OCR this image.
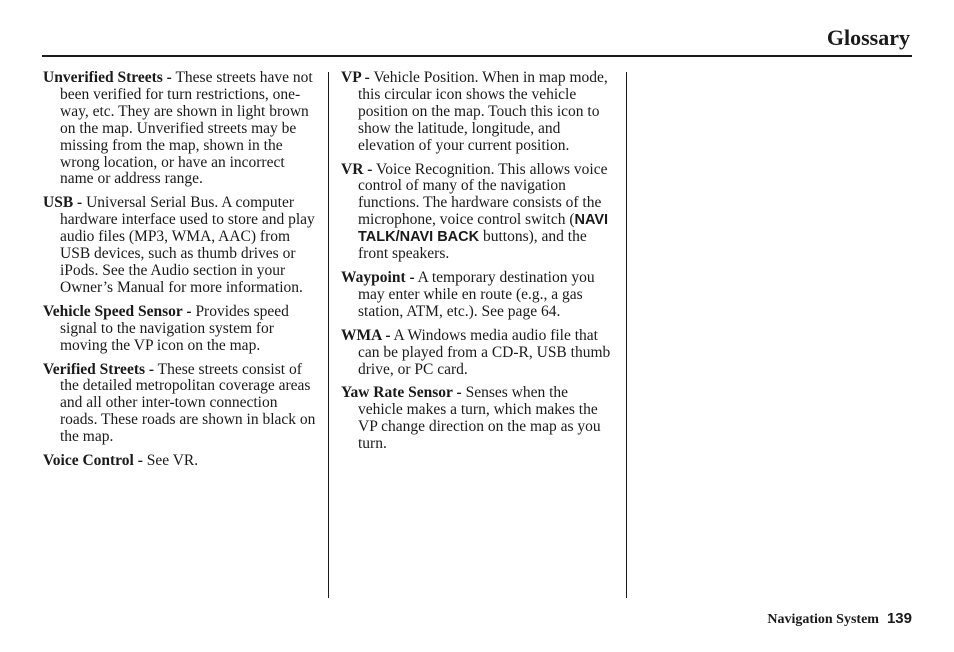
Glossary

Unverified Streets - These streets have not been verified for turn restrictions, one-way, etc. They are shown in light brown on the map. Unverified streets may be missing from the map, shown in the wrong location, or have an incorrect name or address range.

USB - Universal Serial Bus. A computer hardware interface used to store and play audio files (MP3, WMA, AAC) from USB devices, such as thumb drives or iPods. See the Audio section in your Owner’s Manual for more information.

Vehicle Speed Sensor - Provides speed signal to the navigation system for moving the VP icon on the map.

Verified Streets - These streets consist of the detailed metropolitan coverage areas and all other inter-town connection roads. These roads are shown in black on the map.

Voice Control - See VR.

VP - Vehicle Position. When in map mode, this circular icon shows the vehicle position on the map. Touch this icon to show the latitude, longitude, and elevation of your current position.

VR - Voice Recognition. This allows voice control of many of the navigation functions. The hardware consists of the microphone, voice control switch (NAVI TALK/NAVI BACK buttons), and the front speakers.

Waypoint - A temporary destination you may enter while en route (e.g., a gas station, ATM, etc.). See page 64.

WMA - A Windows media audio file that can be played from a CD-R, USB thumb drive, or PC card.

Yaw Rate Sensor - Senses when the vehicle makes a turn, which makes the VP change direction on the map as you turn.

Navigation System 139
